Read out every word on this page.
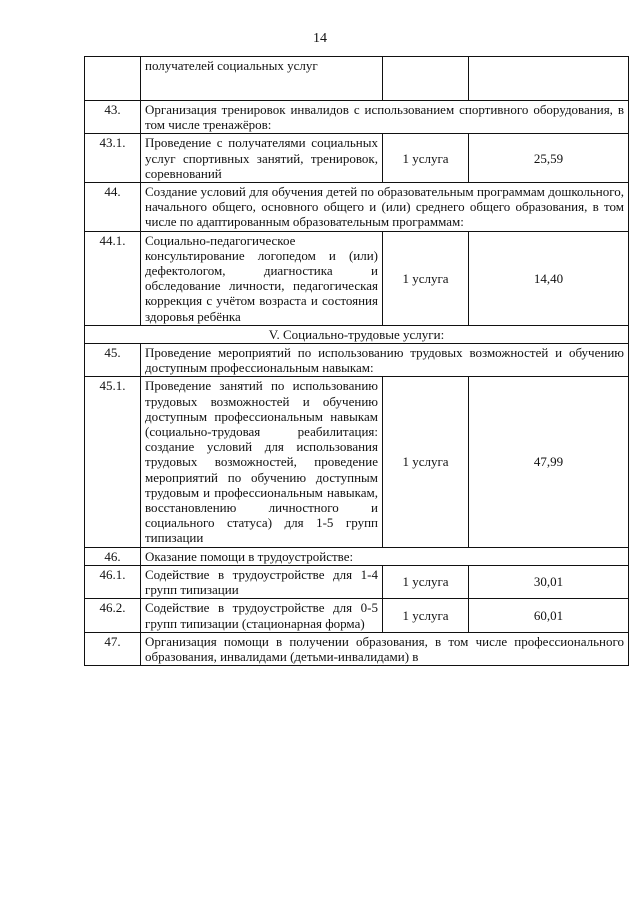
14
	получателей социальных услуг		
43.	Организация тренировок инвалидов с использованием спортивного оборудования, в том числе тренажёров:		
43.1.	Проведение с получателями социальных услуг спортивных занятий, тренировок, соревнований	1 услуга	25,59
44.	Создание условий для обучения детей по образовательным программам дошкольного, начального общего, основного общего и (или) среднего общего образования, в том числе по адаптированным образовательным программам:		
44.1.	Социально-педагогическое консультирование логопедом и (или) дефектологом, диагностика и обследование личности, педагогическая коррекция с учётом возраста и состояния здоровья ребёнка	1 услуга	14,40
V. Социально-трудовые услуги:			
45.	Проведение мероприятий по использованию трудовых возможностей и обучению доступным профессиональным навыкам:		
45.1.	Проведение занятий по использованию трудовых возможностей и обучению доступным профессиональным навыкам (социально-трудовая реабилитация: создание условий для использования трудовых возможностей, проведение мероприятий по обучению доступным трудовым и профессиональным навыкам, восстановлению личностного и социального статуса) для 1-5 групп типизации	1 услуга	47,99
46.	Оказание помощи в трудоустройстве:		
46.1.	Содействие в трудоустройстве для 1-4 групп типизации	1 услуга	30,01
46.2.	Содействие в трудоустройстве для 0-5 групп типизации (стационарная форма)	1 услуга	60,01
47.	Организация помощи в получении образования, в том числе профессионального образования, инвалидами (детьми-инвалидами) в		
